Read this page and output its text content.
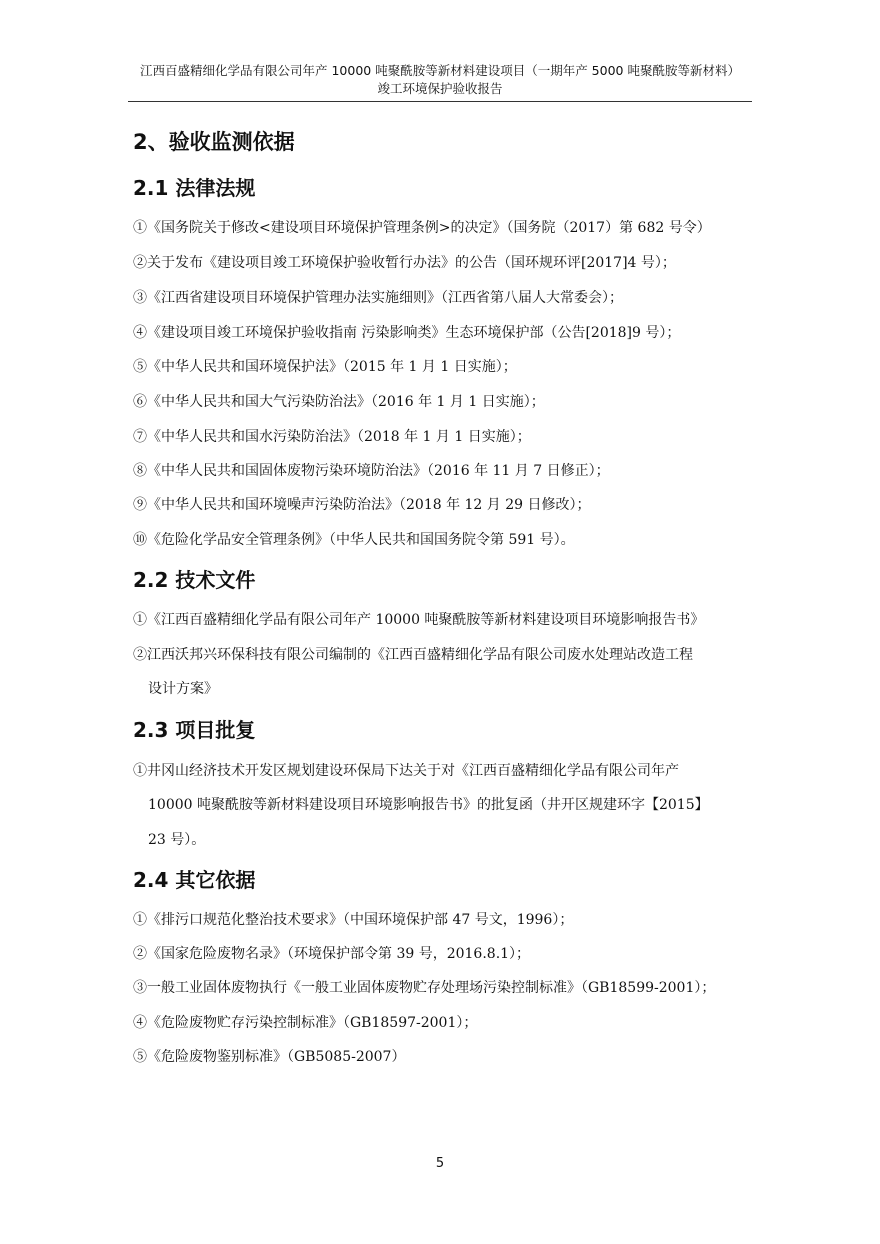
江西百盛精细化学品有限公司年产 10000 吨聚酰胺等新材料建设项目（一期年产 5000 吨聚酰胺等新材料）
竣工环境保护验收报告
2、验收监测依据
2.1 法律法规

①《国务院关于修改<建设项目环境保护管理条例>的决定》（国务院（2017）第 682 号令）

②关于发布《建设项目竣工环境保护验收暂行办法》的公告（国环规环评[2017]4 号）；

③《江西省建设项目环境保护管理办法实施细则》（江西省第八届人大常委会）；

④《建设项目竣工环境保护验收指南 污染影响类》生态环境保护部（公告[2018]9 号）；

⑤《中华人民共和国环境保护法》（2015 年 1 月 1 日实施）；

⑥《中华人民共和国大气污染防治法》（2016 年 1 月 1 日实施）；

⑦《中华人民共和国水污染防治法》（2018 年 1 月 1 日实施）；

⑧《中华人民共和国固体废物污染环境防治法》（2016 年 11 月 7 日修正）；

⑨《中华人民共和国环境噪声污染防治法》（2018 年 12 月 29 日修改）；

⑩《危险化学品安全管理条例》（中华人民共和国国务院令第 591 号）。

2.2 技术文件

①《江西百盛精细化学品有限公司年产 10000 吨聚酰胺等新材料建设项目环境影响报告书》

②江西沃邦兴环保科技有限公司编制的《江西百盛精细化学品有限公司废水处理站改造工程

设计方案》

2.3 项目批复

①井冈山经济技术开发区规划建设环保局下达关于对《江西百盛精细化学品有限公司年产

10000 吨聚酰胺等新材料建设项目环境影响报告书》的批复函（井开区规建环字【2015】

23 号）。

2.4 其它依据

①《排污口规范化整治技术要求》（中国环境保护部 47 号文，1996）；

②《国家危险废物名录》（环境保护部令第 39 号，2016.8.1）；

③一般工业固体废物执行《一般工业固体废物贮存处理场污染控制标准》（GB18599-2001）；

④《危险废物贮存污染控制标准》（GB18597-2001）；

⑤《危险废物鉴别标准》（GB5085-2007）

5
